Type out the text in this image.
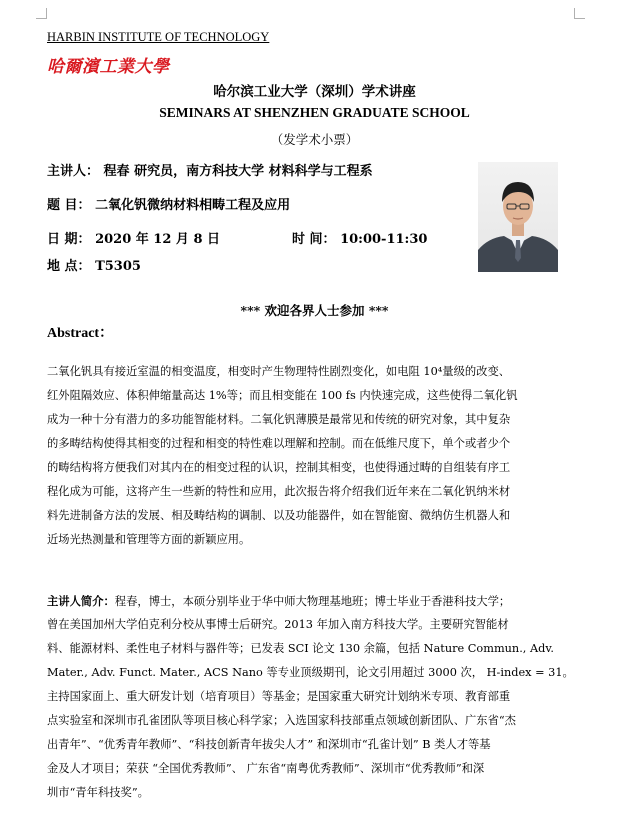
HARBIN INSTITUTE OF TECHNOLOGY
哈爾濱工業大學
哈尔滨工业大学（深圳）学术讲座
SEMINARS AT SHENZHEN GRADUATE SCHOOL
（发学术小票）
主讲人： 程春 研究员，南方科技大学 材料科学与工程系
题 目： 二氧化钒微纳材料相畴工程及应用
日 期： 2020 年 12 月 8 日	时 间： 10:00-11:30
地 点： T5305
*** 欢迎各界人士参加 ***
Abstract：
二氧化钒具有接近室温的相变温度，相变时产生物理特性剧烈变化，如电阻 10⁴量级的改变、
红外阻隔效应、体积伸缩量高达 1%等；而且相变能在 100 fs 内快速完成，这些使得二氧化钒
成为一种十分有潜力的多功能智能材料。二氧化钒薄膜是最常见和传统的研究对象，其中复杂
的多畴结构使得其相变的过程和相变的特性难以理解和控制。而在低维尺度下，单个或者少个
的畴结构将方便我们对其内在的相变过程的认识，控制其相变，也使得通过畴的自组装有序工
程化成为可能，这将产生一些新的特性和应用，此次报告将介绍我们近年来在二氧化钒纳米材
料先进制备方法的发展、相及畴结构的调制、以及功能器件，如在智能窗、微纳仿生机器人和
近场光热测量和管理等方面的新颖应用。
主讲人简介：程春，博士，本硕分别毕业于华中师大物理基地班；博士毕业于香港科技大学；
曾在美国加州大学伯克利分校从事博士后研究。2013 年加入南方科技大学。主要研究智能材
料、能源材料、柔性电子材料与器件等；已发表 SCI 论文 130 余篇，包括 Nature Commun., Adv.
Mater., Adv. Funct. Mater., ACS Nano 等专业顶级期刊，论文引用超过 3000 次， H-index = 31。
主持国家面上、重大研发计划（培育项目）等基金；是国家重大研究计划纳米专项、教育部重
点实验室和深圳市孔雀团队等项目核心科学家；入选国家科技部重点领域创新团队、广东省“杰
出青年”、“优秀青年教师”、“科技创新青年拔尖人才” 和深圳市“孔雀计划” B 类人才等基
金及人才项目；荣获 “全国优秀教师”、 广东省“南粤优秀教师”、深圳市“优秀教师”和深
圳市“青年科技奖”。
